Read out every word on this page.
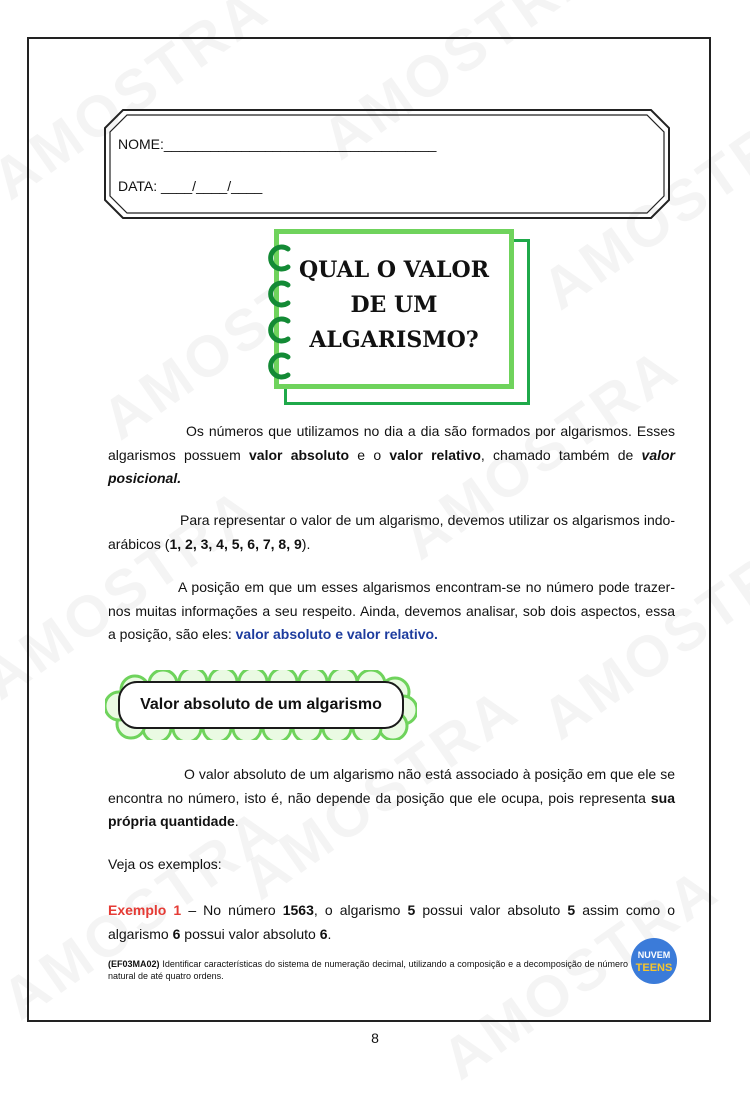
NOME:___________________________________
DATA: ____/____/____
QUAL O VALOR
DE UM
ALGARISMO?
Os números que utilizamos no dia a dia são formados por algarismos. Esses algarismos possuem valor absoluto e o valor relativo, chamado também de valor posicional.
Para representar o valor de um algarismo, devemos utilizar os algarismos indo-arábicos (1, 2, 3, 4, 5, 6, 7, 8, 9).
A posição em que um esses algarismos encontram-se no número pode trazer-nos muitas informações a seu respeito. Ainda, devemos analisar, sob dois aspectos, essa a posição, são eles: valor absoluto e valor relativo.
Valor absoluto de um algarismo
O valor absoluto de um algarismo não está associado à posição em que ele se encontra no número, isto é, não depende da posição que ele ocupa, pois representa sua própria quantidade.
Veja os exemplos:
Exemplo 1 – No número 1563, o algarismo 5 possui valor absoluto 5 assim como o algarismo 6 possui valor absoluto 6.
(EF03MA02) Identificar características do sistema de numeração decimal, utilizando a composição e a decomposição de número natural de até quatro ordens.
NUVEM
TEENS
8
